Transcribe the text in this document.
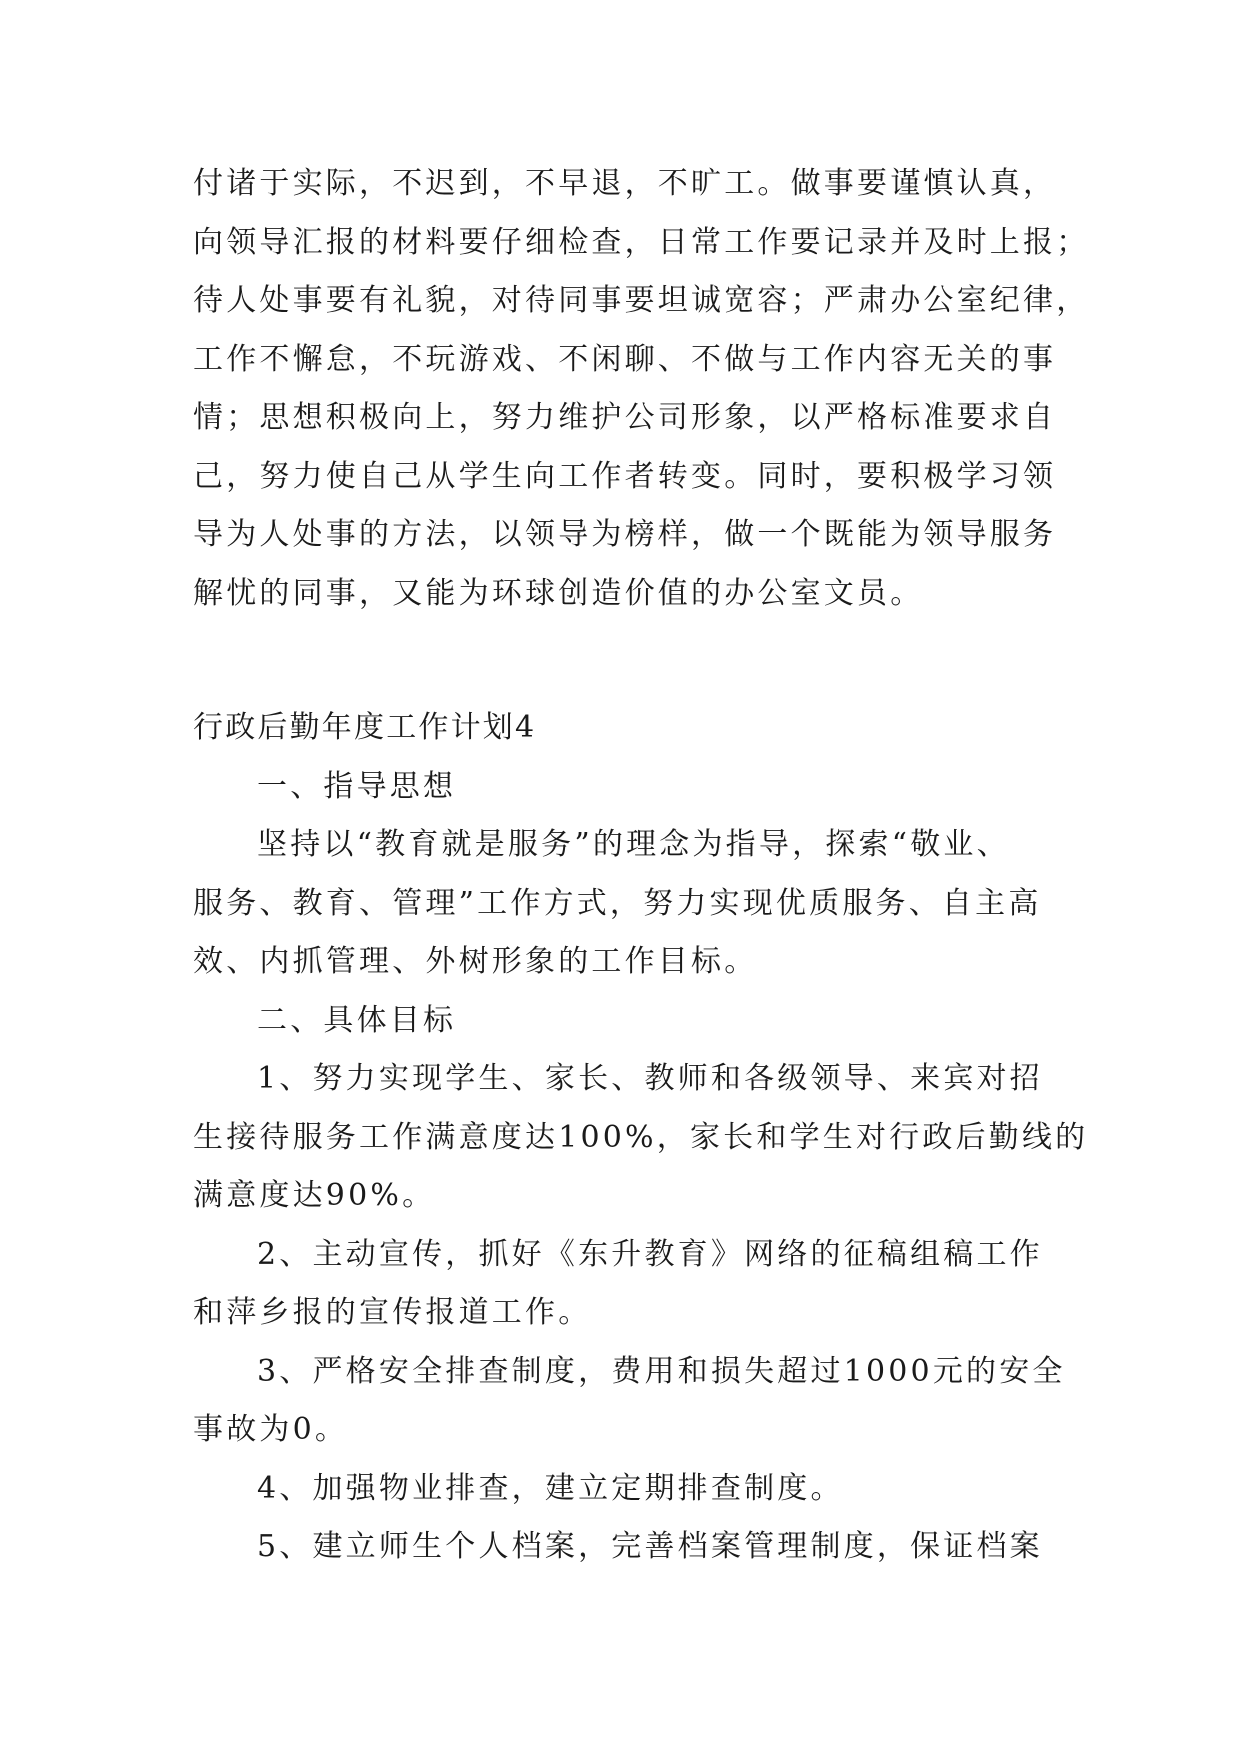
付诸于实际，不迟到，不早退，不旷工。做事要谨慎认真，
向领导汇报的材料要仔细检查，日常工作要记录并及时上报；
待人处事要有礼貌，对待同事要坦诚宽容；严肃办公室纪律，
工作不懈怠，不玩游戏、不闲聊、不做与工作内容无关的事
情；思想积极向上，努力维护公司形象，以严格标准要求自
己，努力使自己从学生向工作者转变。同时，要积极学习领
导为人处事的方法，以领导为榜样，做一个既能为领导服务
解忧的同事，又能为环球创造价值的办公室文员。
行政后勤年度工作计划4
一、指导思想
坚持以“教育就是服务”的理念为指导，探索“敬业、
服务、教育、管理”工作方式，努力实现优质服务、自主高
效、内抓管理、外树形象的工作目标。
二、具体目标
1、努力实现学生、家长、教师和各级领导、来宾对招
生接待服务工作满意度达100%，家长和学生对行政后勤线的
满意度达90%。
2、主动宣传，抓好《东升教育》网络的征稿组稿工作
和萍乡报的宣传报道工作。
3、严格安全排查制度，费用和损失超过1000元的安全
事故为0。
4、加强物业排查，建立定期排查制度。
5、建立师生个人档案，完善档案管理制度，保证档案
